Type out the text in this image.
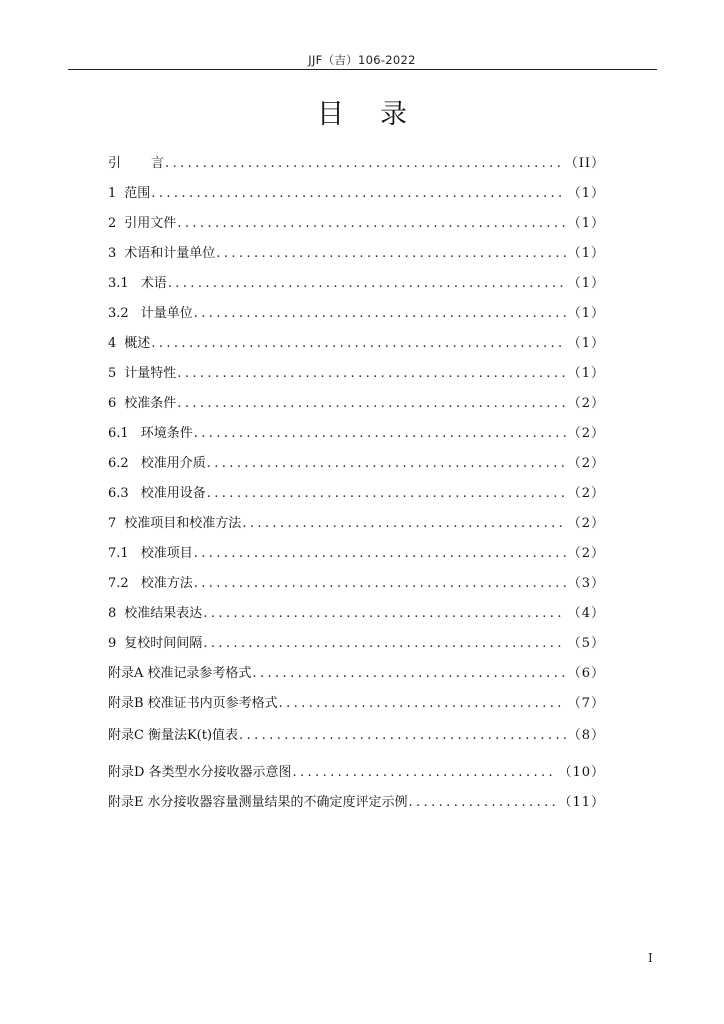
JJF（吉）106-2022
目录
引 言 .....	（II）
1 范围 .....	（1）
2 引用文件 .....	（1）
3 术语和计量单位 .....	（1）
3.1 术语 .....	（1）
3.2 计量单位 .....	（1）
4 概述 .....	（1）
5 计量特性 .....	（1）
6 校准条件 .....	（2）
6.1 环境条件 .....	（2）
6.2 校准用介质 .....	（2）
6.3 校准用设备 .....	（2）
7 校准项目和校准方法 .....	（2）
7.1 校准项目 .....	（2）
7.2 校准方法 .....	（3）
8 校准结果表达 .....	（4）
9 复校时间间隔 .....	（5）
附录A 校准记录参考格式 .....	（6）
附录B 校准证书内页参考格式 .....	（7）
附录C 衡量法K(t)值表 .....	（8）
附录D 各类型水分接收器示意图 .....	（10）
附录E 水分接收器容量测量结果的不确定度评定示例 .....	（11）
I
